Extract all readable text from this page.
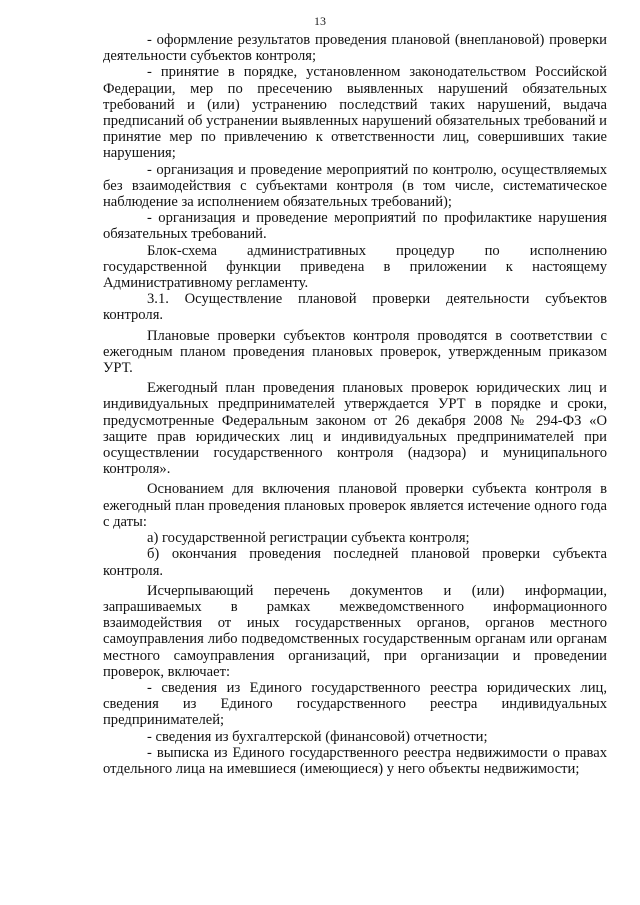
13

- оформление результатов проведения плановой (внеплановой) проверки деятельности субъектов контроля;

- принятие в порядке, установленном законодательством Российской Федерации, мер по пресечению выявленных нарушений обязательных требований и (или) устранению последствий таких нарушений, выдача предписаний об устранении выявленных нарушений обязательных требований и принятие мер по привлечению к ответственности лиц, совершивших такие нарушения;

- организация и проведение мероприятий по контролю, осуществляемых без взаимодействия с субъектами контроля (в том числе, систематическое наблюдение за исполнением обязательных требований);

- организация и проведение мероприятий по профилактике нарушения обязательных требований.

Блок-схема административных процедур по исполнению государственной функции приведена в приложении к настоящему Административному регламенту.

3.1. Осуществление плановой проверки деятельности субъектов контроля.

Плановые проверки субъектов контроля проводятся в соответствии с ежегодным планом проведения плановых проверок, утвержденным приказом УРТ.

Ежегодный план проведения плановых проверок юридических лиц и индивидуальных предпринимателей утверждается УРТ в порядке и сроки, предусмотренные Федеральным законом от 26 декабря 2008 № 294-ФЗ «О защите прав юридических лиц и индивидуальных предпринимателей при осуществлении государственного контроля (надзора) и муниципального контроля».

Основанием для включения плановой проверки субъекта контроля в ежегодный план проведения плановых проверок является истечение одного года с даты:

а) государственной регистрации субъекта контроля;

б) окончания проведения последней плановой проверки субъекта контроля.

Исчерпывающий перечень документов и (или) информации, запрашиваемых в рамках межведомственного информационного взаимодействия от иных государственных органов, органов местного самоуправления либо подведомственных государственным органам или органам местного самоуправления организаций, при организации и проведении проверок, включает:

- сведения из Единого государственного реестра юридических лиц, сведения из Единого государственного реестра индивидуальных предпринимателей;

- сведения из бухгалтерской (финансовой) отчетности;

- выписка из Единого государственного реестра недвижимости о правах отдельного лица на имевшиеся (имеющиеся) у него объекты недвижимости;
